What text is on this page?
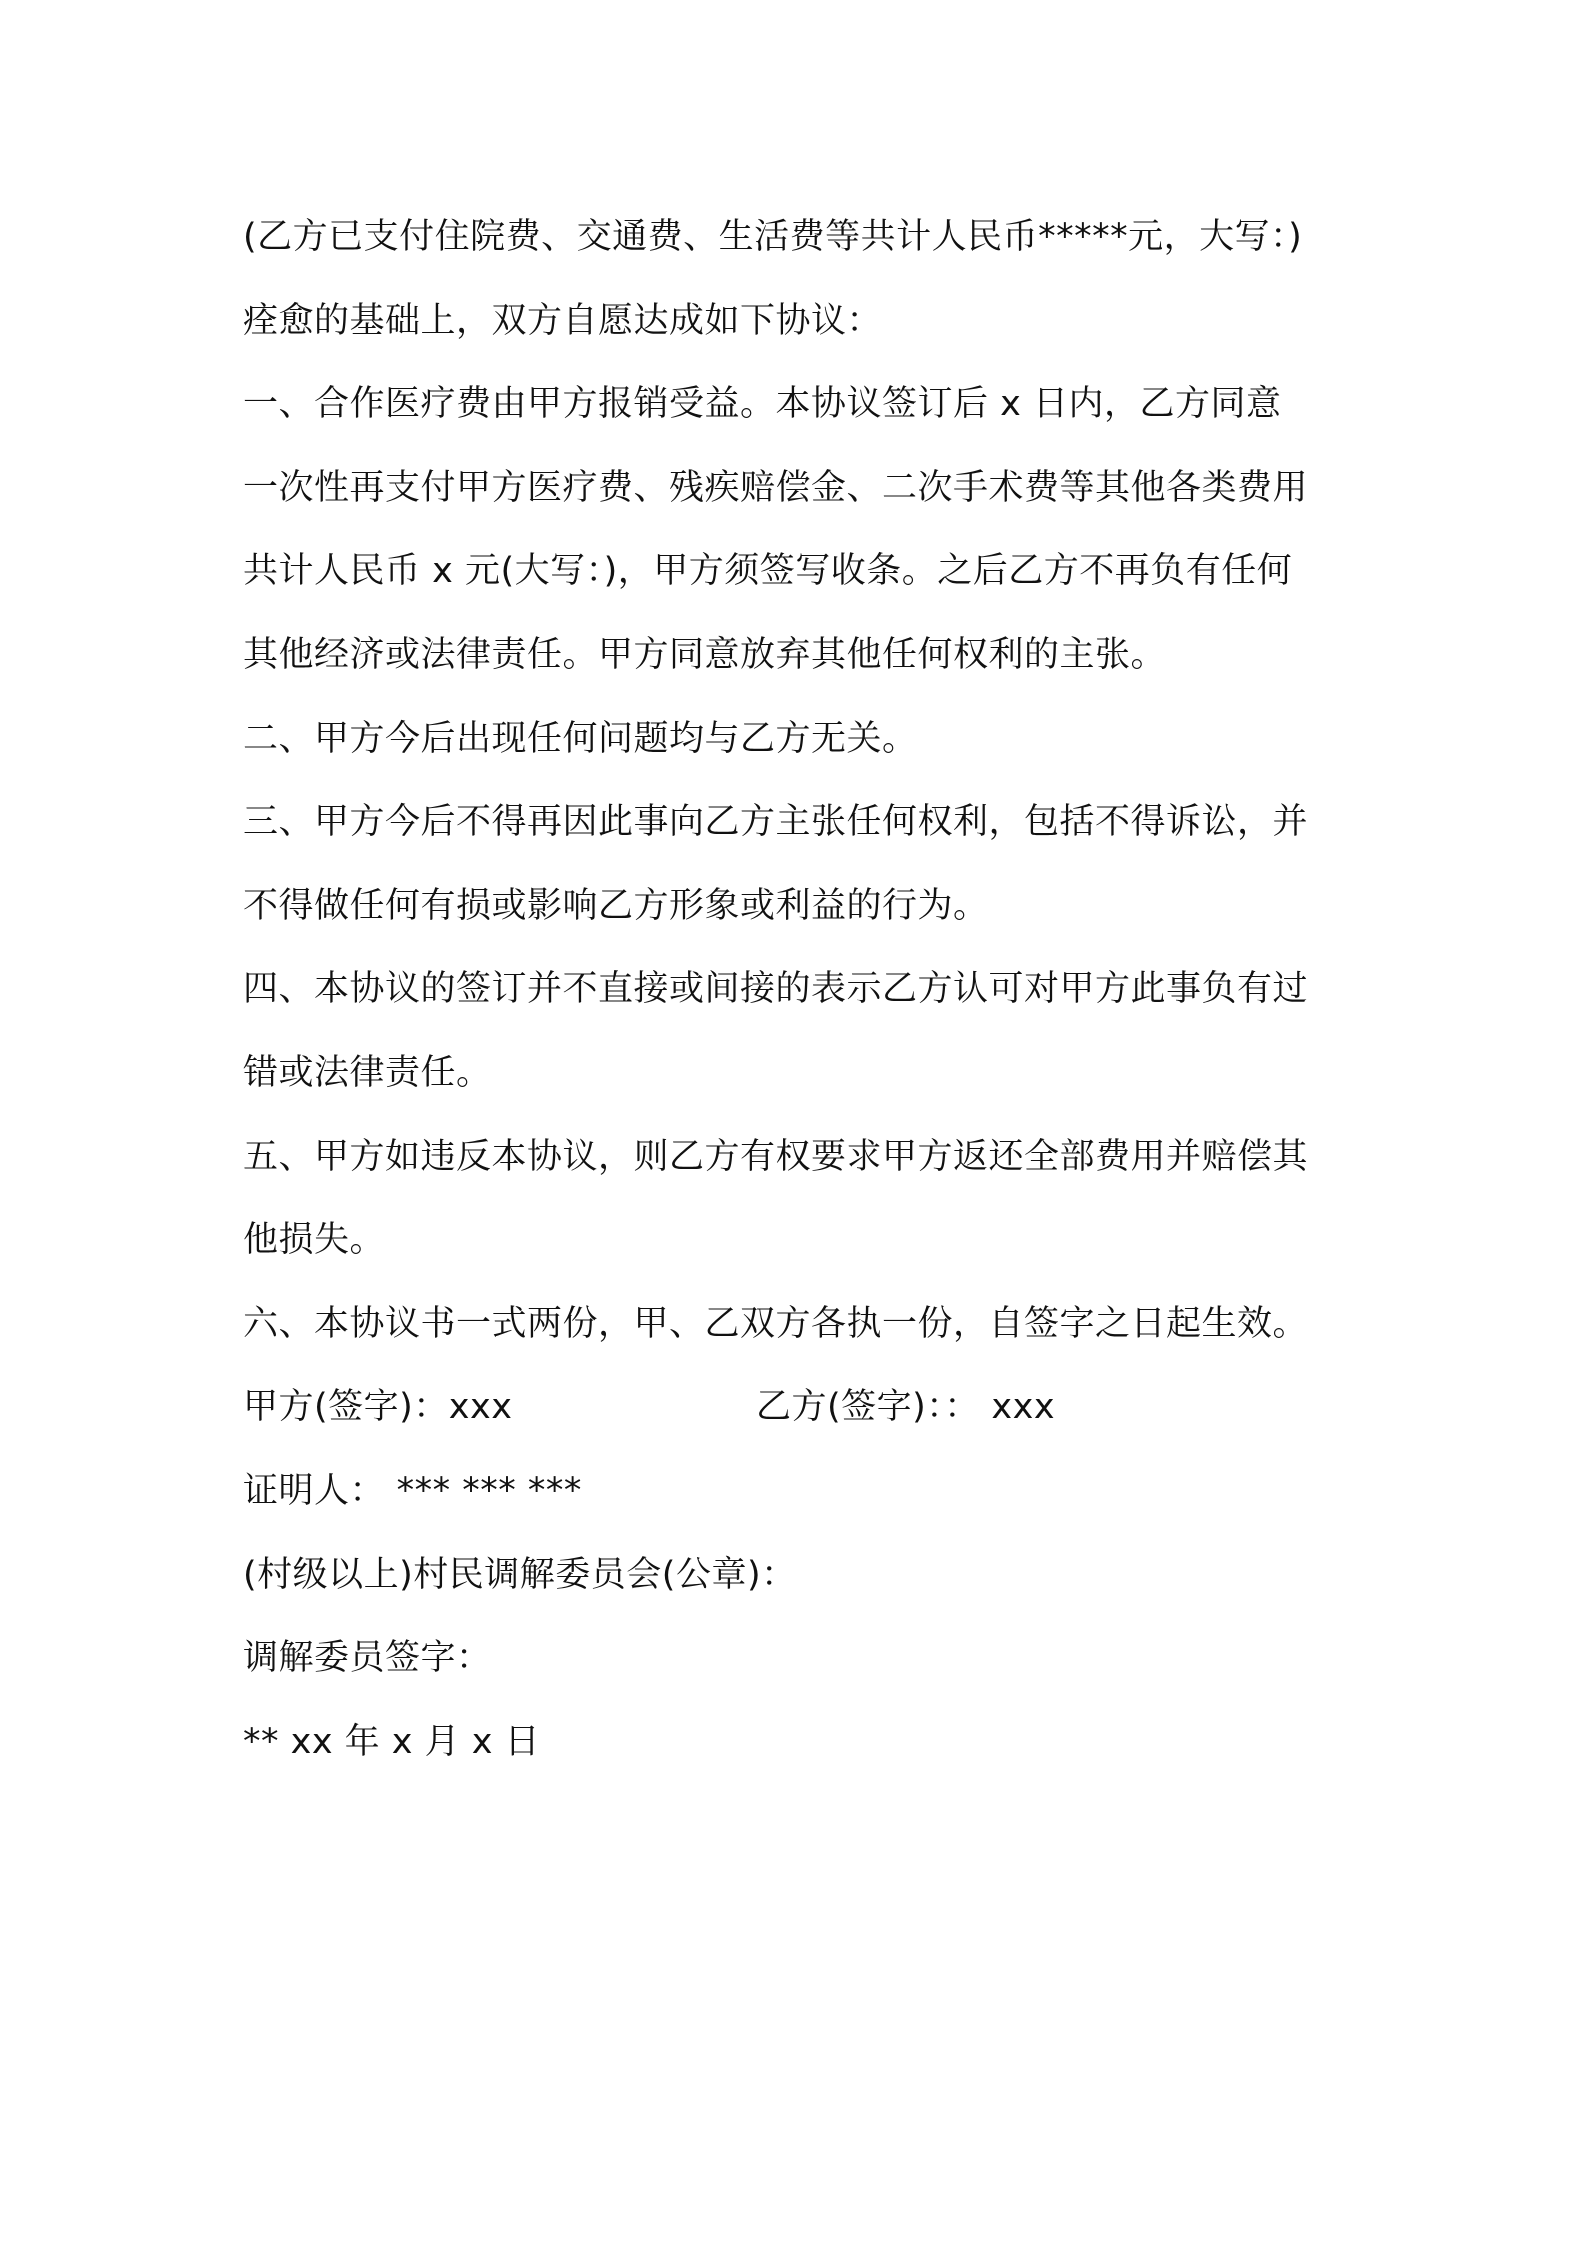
(乙方已支付住院费、交通费、生活费等共计人民币*****元，大写：)
痊愈的基础上，双方自愿达成如下协议：
一、合作医疗费由甲方报销受益。本协议签订后 x 日内，乙方同意
一次性再支付甲方医疗费、残疾赔偿金、二次手术费等其他各类费用
共计人民币 x 元(大写：)，甲方须签写收条。之后乙方不再负有任何
其他经济或法律责任。甲方同意放弃其他任何权利的主张。
二、甲方今后出现任何问题均与乙方无关。
三、甲方今后不得再因此事向乙方主张任何权利，包括不得诉讼，并
不得做任何有损或影响乙方形象或利益的行为。
四、本协议的签订并不直接或间接的表示乙方认可对甲方此事负有过
错或法律责任。
五、甲方如违反本协议，则乙方有权要求甲方返还全部费用并赔偿其
他损失。
六、本协议书一式两份，甲、乙双方各执一份，自签字之日起生效。
甲方(签字)：xxx	乙方(签字)：： xxx
证明人： *** *** ***
(村级以上)村民调解委员会(公章)：
调解委员签字：
** xx 年 x 月 x 日
